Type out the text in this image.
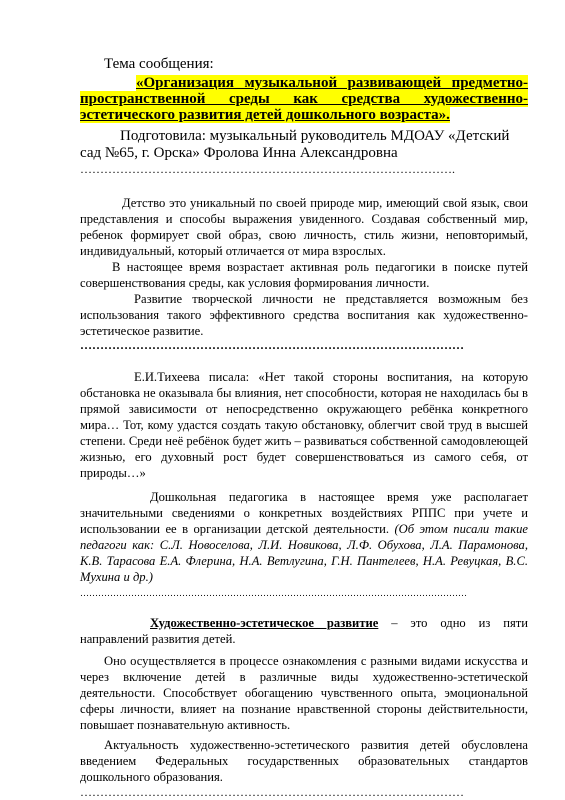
Тема сообщения:

«Организация музыкальной развивающей предметно-пространственной среды как средства художественно-эстетического развития детей дошкольного возраста».

Подготовила: музыкальный руководитель МДОАУ «Детский сад №65, г. Орска» Фролова Инна Александровна

………………………………………………………………………………….

Детство это уникальный по своей природе мир, имеющий свой язык, свои представления и способы выражения увиденного. Создавая собственный мир, ребенок формирует свой образ, свою личность, стиль жизни, неповторимый, индивидуальный, который отличается от мира взрослых.

В настоящее время возрастает активная роль педагогики в поиске путей совершенствования среды, как условия формирования личности.

Развитие творческой личности не представляется возможным без использования такого эффективного средства воспитания как художественно-эстетическое развитие.

……………………………………………………………………………………

Е.И.Тихеева писала: «Нет такой стороны воспитания, на которую обстановка не оказывала бы влияния, нет способности, которая не находилась бы в прямой зависимости от непосредственно окружающего ребёнка конкретного мира… Тот, кому удастся создать такую обстановку, облегчит свой труд в высшей степени. Среди неё ребёнок будет жить – развиваться собственной самодовлеющей жизнью, его духовный рост будет совершенствоваться из самого себя, от природы…»

Дошкольная педагогика в настоящее время уже располагает значительными сведениями о конкретных воздействиях РППС при учете и использовании ее в организации детской деятельности. (Об этом писали такие педагоги как: С.Л. Новоселова, Л.И. Новикова, Л.Ф. Обухова, Л.А. Парамонова, К.В. Тарасова Е.А. Флерина, Н.А. Ветлугина, Г.Н. Пантелеев, Н.А. Ревуцкая, В.С. Мухина и др.)

…………………………………………………………………………………………………………………

Художественно-эстетическое развитие – это одно из пяти направлений развития детей.

Оно осуществляется в процессе ознакомления с разными видами искусства и через включение детей в различные виды художественно-эстетической деятельности. Способствует обогащению чувственного опыта, эмоциональной сферы личности, влияет на познание нравственной стороны действительности, повышает познавательную активность.

Актуальность художественно-эстетического развития детей обусловлена введением Федеральных государственных образовательных стандартов дошкольного образования.

……………………………………………………………………………………
